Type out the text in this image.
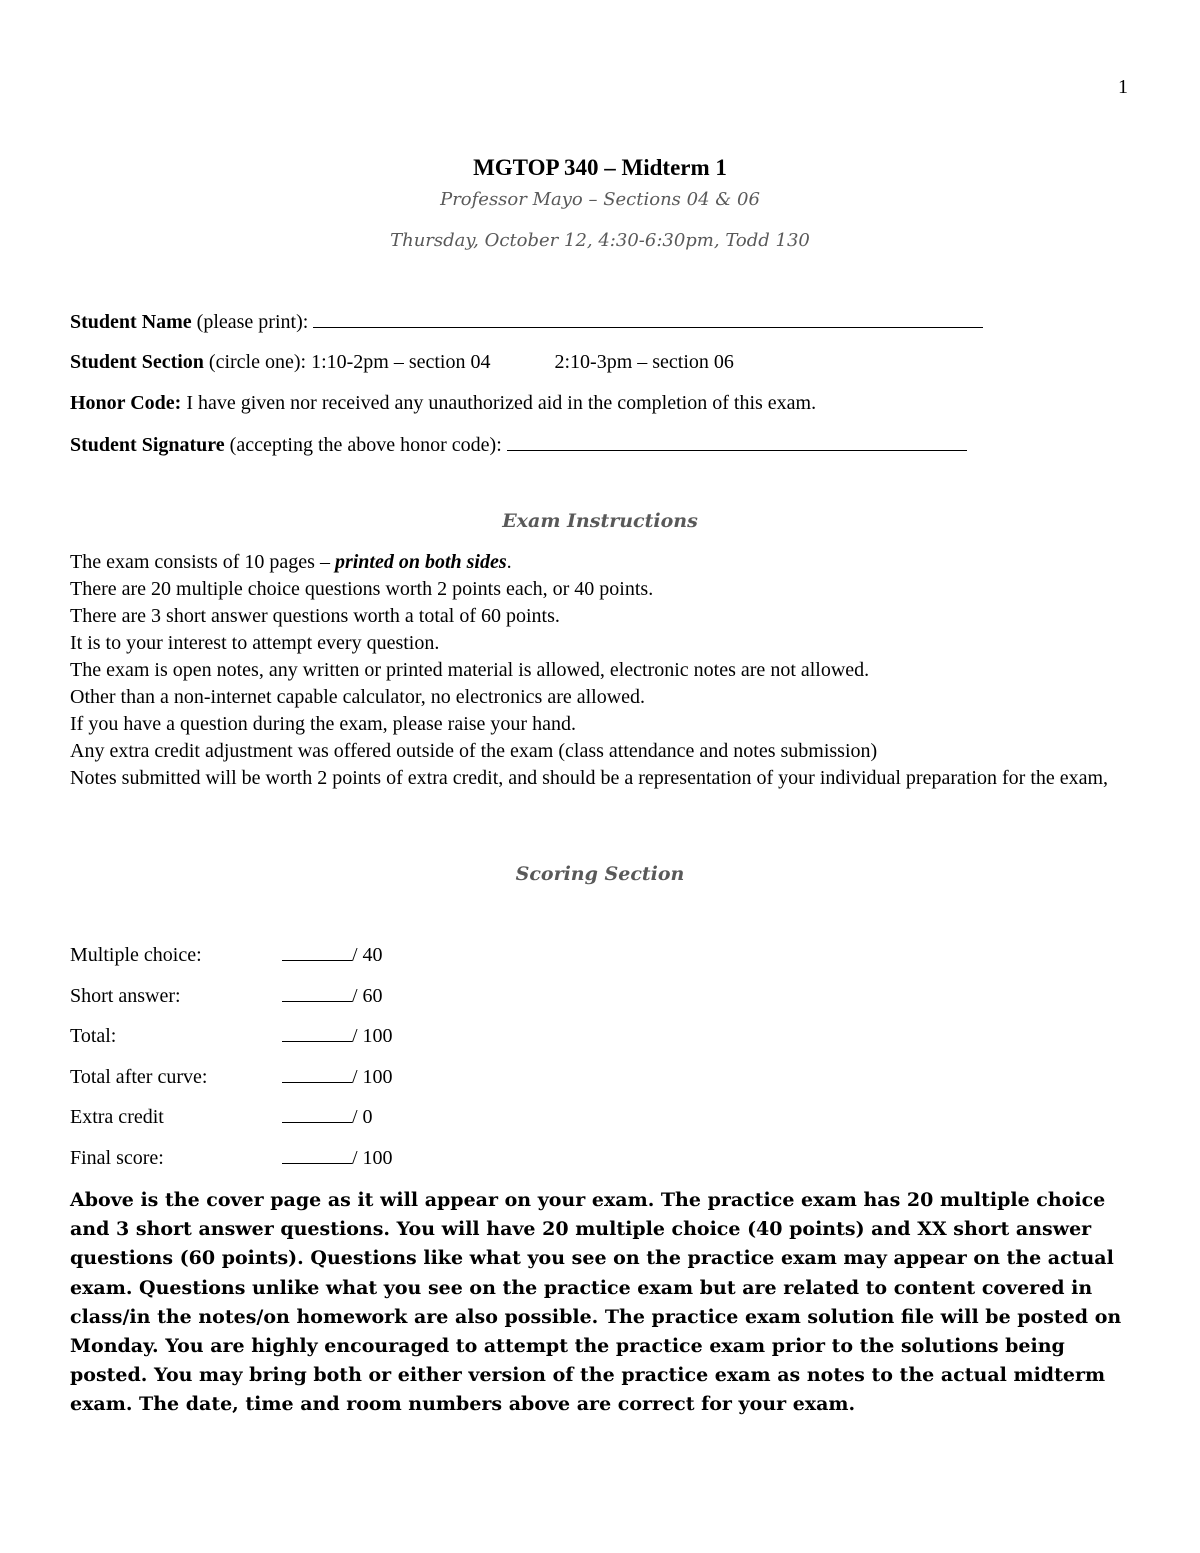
1
MGTOP 340 – Midterm 1
Professor Mayo – Sections 04 & 06
Thursday, October 12, 4:30-6:30pm, Todd 130
Student Name (please print):
Student Section (circle one): 1:10-2pm – section 04	2:10-3pm – section 06
Honor Code: I have given nor received any unauthorized aid in the completion of this exam.
Student Signature (accepting the above honor code):
Exam Instructions
The exam consists of 10 pages – printed on both sides.
There are 20 multiple choice questions worth 2 points each, or 40 points.
There are 3 short answer questions worth a total of 60 points.
It is to your interest to attempt every question.
The exam is open notes, any written or printed material is allowed, electronic notes are not allowed.
Other than a non-internet capable calculator, no electronics are allowed.
If you have a question during the exam, please raise your hand.
Any extra credit adjustment was offered outside of the exam (class attendance and notes submission)
Notes submitted will be worth 2 points of extra credit, and should be a representation of your individual preparation for the exam,
Scoring Section
Multiple choice:	/ 40
Short answer:	/ 60
Total:	/ 100
Total after curve:	/ 100
Extra credit	/ 0
Final score:	/ 100
Above is the cover page as it will appear on your exam. The practice exam has 20 multiple choice and 3 short answer questions. You will have 20 multiple choice (40 points) and XX short answer questions (60 points). Questions like what you see on the practice exam may appear on the actual exam. Questions unlike what you see on the practice exam but are related to content covered in class/in the notes/on homework are also possible. The practice exam solution file will be posted on Monday. You are highly encouraged to attempt the practice exam prior to the solutions being posted. You may bring both or either version of the practice exam as notes to the actual midterm exam. The date, time and room numbers above are correct for your exam.
